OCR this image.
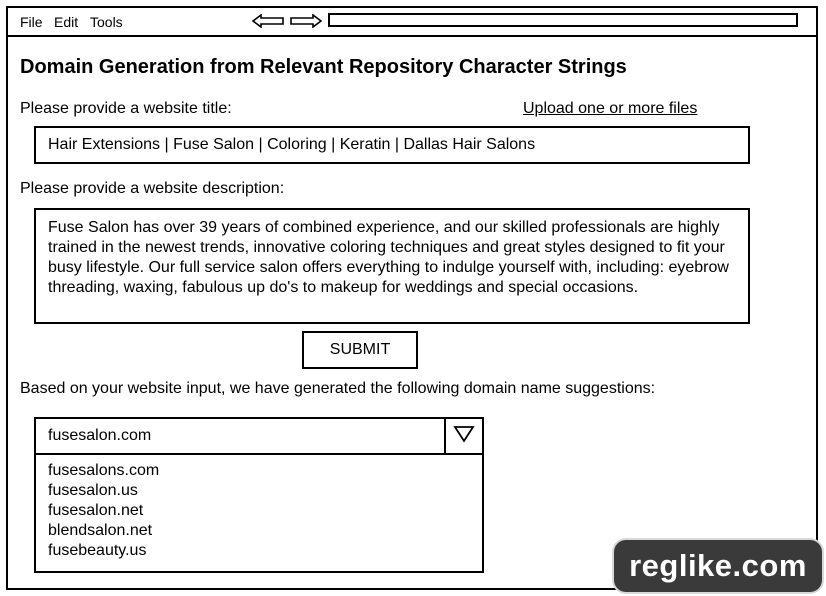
File Edit Tools
Domain Generation from Relevant Repository Character Strings
Please provide a website title:	Upload one or more files
Hair Extensions | Fuse Salon | Coloring | Keratin | Dallas Hair Salons
Please provide a website description:
Fuse Salon has over 39 years of combined experience, and our skilled professionals are highly trained in the newest trends, innovative coloring techniques and great styles designed to fit your busy lifestyle. Our full service salon offers everything to indulge yourself with, including: eyebrow threading, waxing, fabulous up do's to makeup for weddings and special occasions.
SUBMIT
Based on your website input, we have generated the following domain name suggestions:
fusesalon.com
fusesalons.com
fusesalon.us
fusesalon.net
blendsalon.net
fusebeauty.us	reglike.com
